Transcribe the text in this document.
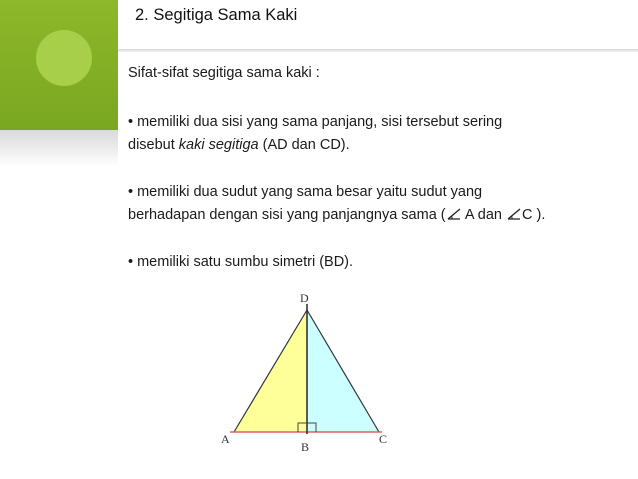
2. Segitiga Sama Kaki
Sifat-sifat segitiga sama kaki :
• memiliki dua sisi yang sama panjang, sisi tersebut sering
disebut kaki segitiga (AD dan CD).
• memiliki dua sudut yang sama besar yaitu sudut yang
berhadapan dengan sisi yang panjangnya sama (
A dan
C ).
• memiliki satu sumbu simetri (BD).
D
A
B
C
